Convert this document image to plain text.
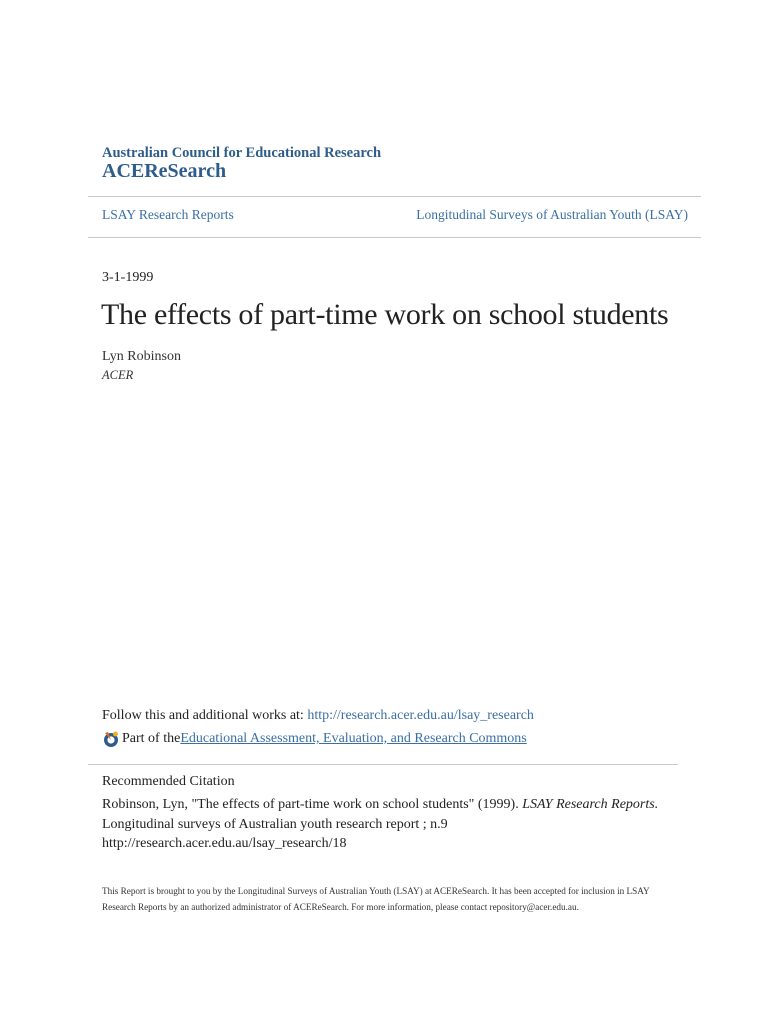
Australian Council for Educational Research
ACEReSearch
LSAY Research Reports	Longitudinal Surveys of Australian Youth (LSAY)
3-1-1999
The effects of part-time work on school students
Lyn Robinson
ACER
Follow this and additional works at: http://research.acer.edu.au/lsay_research
Part of the Educational Assessment, Evaluation, and Research Commons
Recommended Citation
Robinson, Lyn, "The effects of part-time work on school students" (1999). LSAY Research Reports.
Longitudinal surveys of Australian youth research report ; n.9
http://research.acer.edu.au/lsay_research/18
This Report is brought to you by the Longitudinal Surveys of Australian Youth (LSAY) at ACEReSearch. It has been accepted for inclusion in LSAY Research Reports by an authorized administrator of ACEReSearch. For more information, please contact repository@acer.edu.au.
